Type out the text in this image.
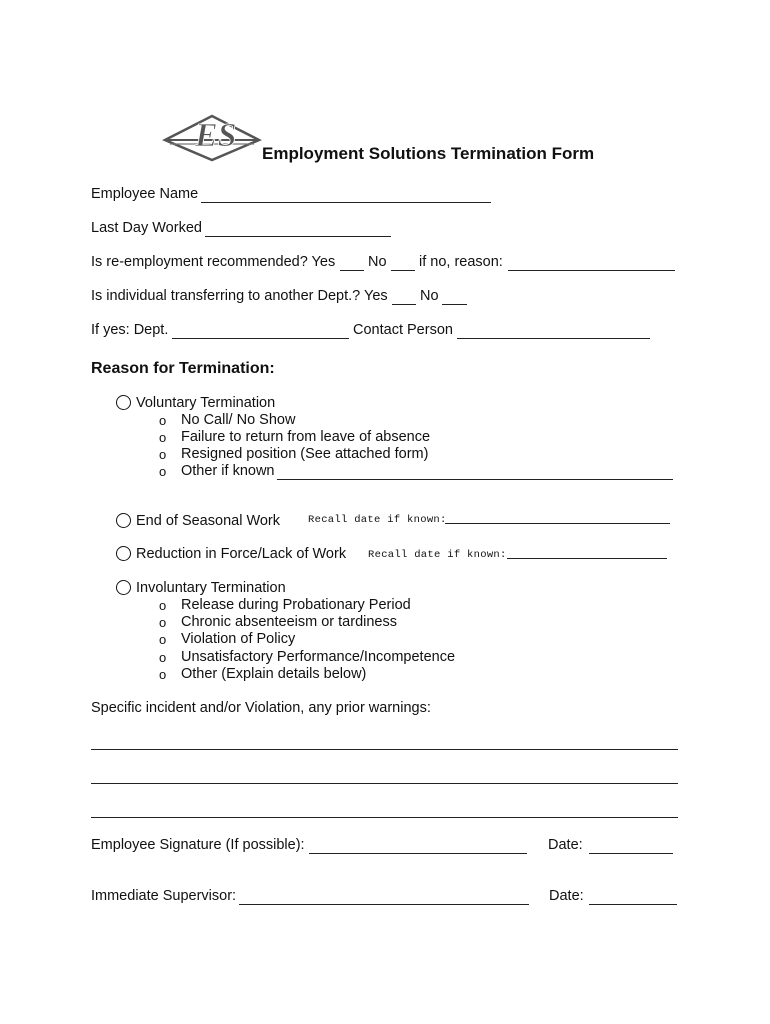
ES Employment Solutions Termination Form
Employee Name
Last Day Worked
Is re-employment recommended? Yes No if no, reason:
Is individual transferring to another Dept.? Yes No
If yes: Dept.	Contact Person
Reason for Termination:
Voluntary Termination
o No Call/ No Show
o Failure to return from leave of absence
o Resigned position (See attached form)
o Other if known
End of Seasonal Work	Recall date if known:
Reduction in Force/Lack of Work Recall date if known:
Involuntary Termination
o Release during Probationary Period
o Chronic absenteeism or tardiness
o Violation of Policy
o Unsatisfactory Performance/Incompetence
o Other (Explain details below)
Specific incident and/or Violation, any prior warnings:
Employee Signature (If possible):	Date:
Immediate Supervisor:	Date:
